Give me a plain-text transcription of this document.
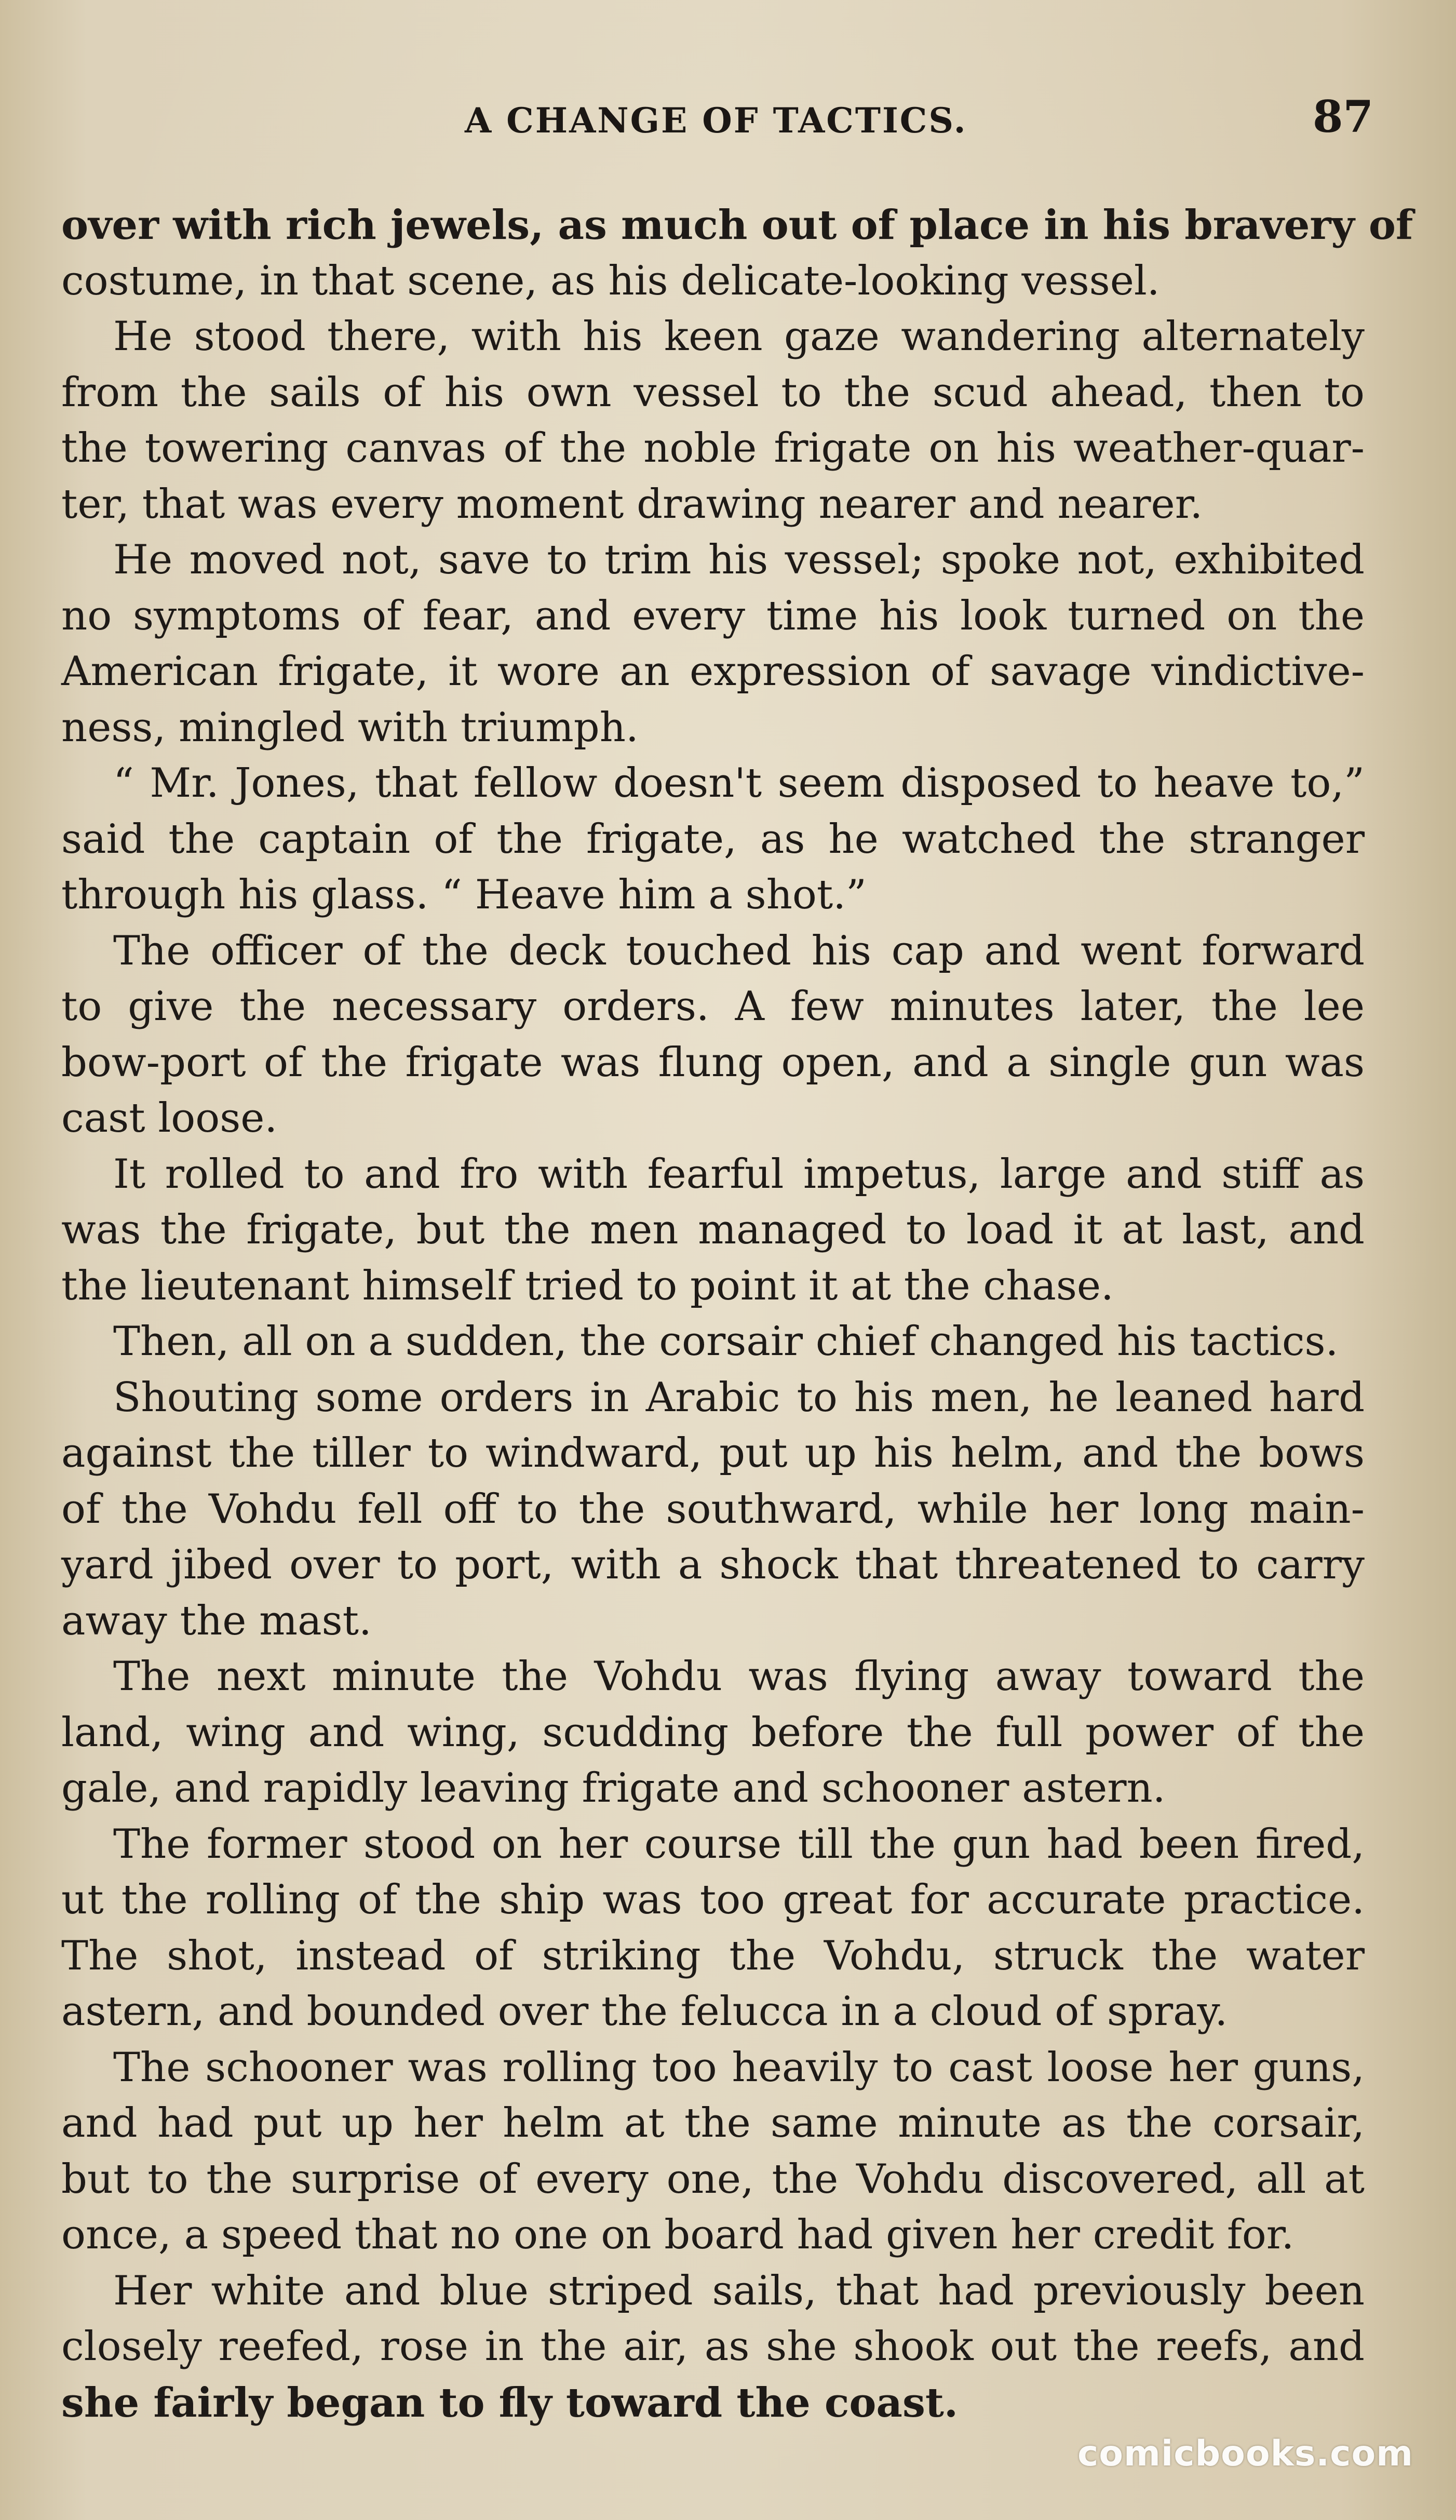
A CHANGE OF TACTICS.	87

over with rich jewels, as much out of place in his bravery of
costume, in that scene, as his delicate-looking vessel.

He stood there, with his keen gaze wandering alternately
from the sails of his own vessel to the scud ahead, then to
the towering canvas of the noble frigate on his weather-quar-
ter, that was every moment drawing nearer and nearer.

He moved not, save to trim his vessel; spoke not, exhibited
no symptoms of fear, and every time his look turned on the
American frigate, it wore an expression of savage vindictive-
ness, mingled with triumph.

“ Mr. Jones, that fellow doesn't seem disposed to heave to,”
said the captain of the frigate, as he watched the stranger
through his glass. “ Heave him a shot.”

The officer of the deck touched his cap and went forward
to give the necessary orders. A few minutes later, the lee
bow-port of the frigate was flung open, and a single gun was
cast loose.

It rolled to and fro with fearful impetus, large and stiff as
was the frigate, but the men managed to load it at last, and
the lieutenant himself tried to point it at the chase.

Then, all on a sudden, the corsair chief changed his tactics.

Shouting some orders in Arabic to his men, he leaned hard
against the tiller to windward, put up his helm, and the bows
of the Vohdu fell off to the southward, while her long main-
yard jibed over to port, with a shock that threatened to carry
away the mast.

The next minute the Vohdu was flying away toward the
land, wing and wing, scudding before the full power of the
gale, and rapidly leaving frigate and schooner astern.

The former stood on her course till the gun had been fired,
ut the rolling of the ship was too great for accurate practice.
The shot, instead of striking the Vohdu, struck the water
astern, and bounded over the felucca in a cloud of spray.

The schooner was rolling too heavily to cast loose her guns,
and had put up her helm at the same minute as the corsair,
but to the surprise of every one, the Vohdu discovered, all at
once, a speed that no one on board had given her credit for.

Her white and blue striped sails, that had previously been
closely reefed, rose in the air, as she shook out the reefs, and
she fairly began to fly toward the coast.

comicbooks.com
